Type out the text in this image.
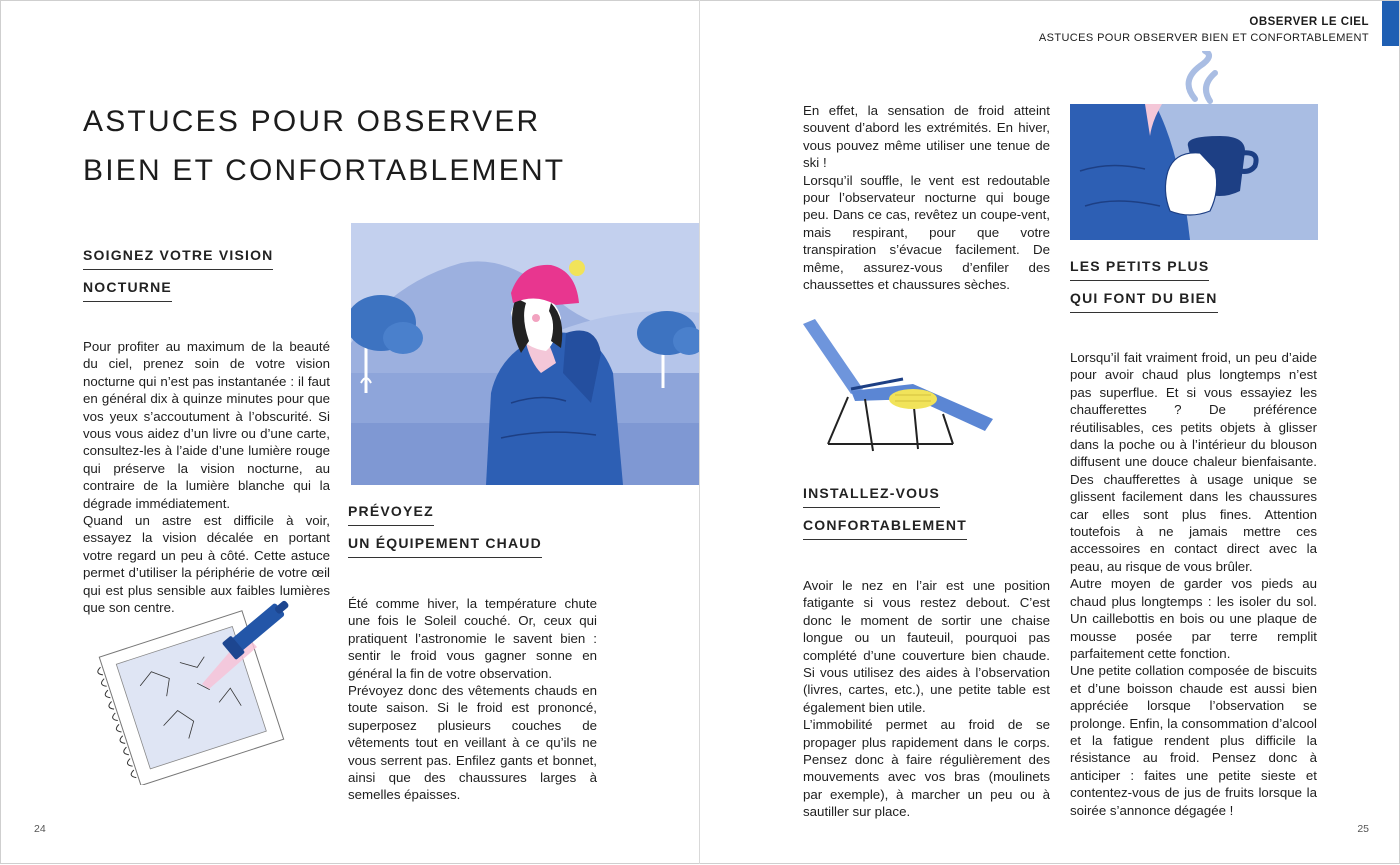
ASTUCES POUR OBSERVER
BIEN ET CONFORTABLEMENT
SOIGNEZ VOTRE VISION
NOCTURNE

Pour profiter au maximum de la beauté du ciel, prenez soin de votre vision nocturne qui n’est pas instantanée : il faut en général dix à quinze minutes pour que vos yeux s’accoutument à l’obscurité. Si vous vous aidez d’un livre ou d’une carte, consultez-les à l’aide d’une lumière rouge qui préserve la vision nocturne, au contraire de la lumière blanche qui la dégrade immédiatement.

Quand un astre est difficile à voir, essayez la vision décalée en portant votre regard un peu à côté. Cette astuce permet d’utiliser la périphérie de votre œil qui est plus sensible aux faibles lumières que son centre.

PRÉVOYEZ
UN ÉQUIPEMENT CHAUD

Été comme hiver, la température chute une fois le Soleil couché. Or, ceux qui pratiquent l’astronomie le savent bien : sentir le froid vous gagner sonne en général la fin de votre observation.

Prévoyez donc des vêtements chauds en toute saison. Si le froid est prononcé, superposez plusieurs couches de vêtements tout en veillant à ce qu’ils ne vous serrent pas. Enfilez gants et bonnet, ainsi que des chaussures larges à semelles épaisses.

24
OBSERVER LE CIEL
ASTUCES POUR OBSERVER BIEN ET CONFORTABLEMENT

En effet, la sensation de froid atteint souvent d’abord les extrémités. En hiver, vous pouvez même utiliser une tenue de ski !

Lorsqu’il souffle, le vent est redoutable pour l’observateur nocturne qui bouge peu. Dans ce cas, revêtez un coupe-vent, mais respirant, pour que votre transpiration s’évacue facilement. De même, assurez-vous d’enfiler des chaussettes et chaussures sèches.

INSTALLEZ-VOUS
CONFORTABLEMENT

Avoir le nez en l’air est une position fatigante si vous restez debout. C’est donc le moment de sortir une chaise longue ou un fauteuil, pourquoi pas complété d’une couverture bien chaude. Si vous utilisez des aides à l’observation (livres, cartes, etc.), une petite table est également bien utile.

L’immobilité permet au froid de se propager plus rapidement dans le corps. Pensez donc à faire régulièrement des mouvements avec vos bras (moulinets par exemple), à marcher un peu ou à sautiller sur place.

LES PETITS PLUS
QUI FONT DU BIEN

Lorsqu’il fait vraiment froid, un peu d’aide pour avoir chaud plus longtemps n’est pas superflue. Et si vous essayiez les chaufferettes ? De préférence réutilisables, ces petits objets à glisser dans la poche ou à l’intérieur du blouson diffusent une douce chaleur bienfaisante. Des chaufferettes à usage unique se glissent facilement dans les chaussures car elles sont plus fines. Attention toutefois à ne jamais mettre ces accessoires en contact direct avec la peau, au risque de vous brûler.

Autre moyen de garder vos pieds au chaud plus longtemps : les isoler du sol. Un caillebottis en bois ou une plaque de mousse posée par terre remplit parfaitement cette fonction.

Une petite collation composée de biscuits et d’une boisson chaude est aussi bien appréciée lorsque l’observation se prolonge. Enfin, la consommation d’alcool et la fatigue rendent plus difficile la résistance au froid. Pensez donc à anticiper : faites une petite sieste et contentez-vous de jus de fruits lorsque la soirée s’annonce dégagée !

25
